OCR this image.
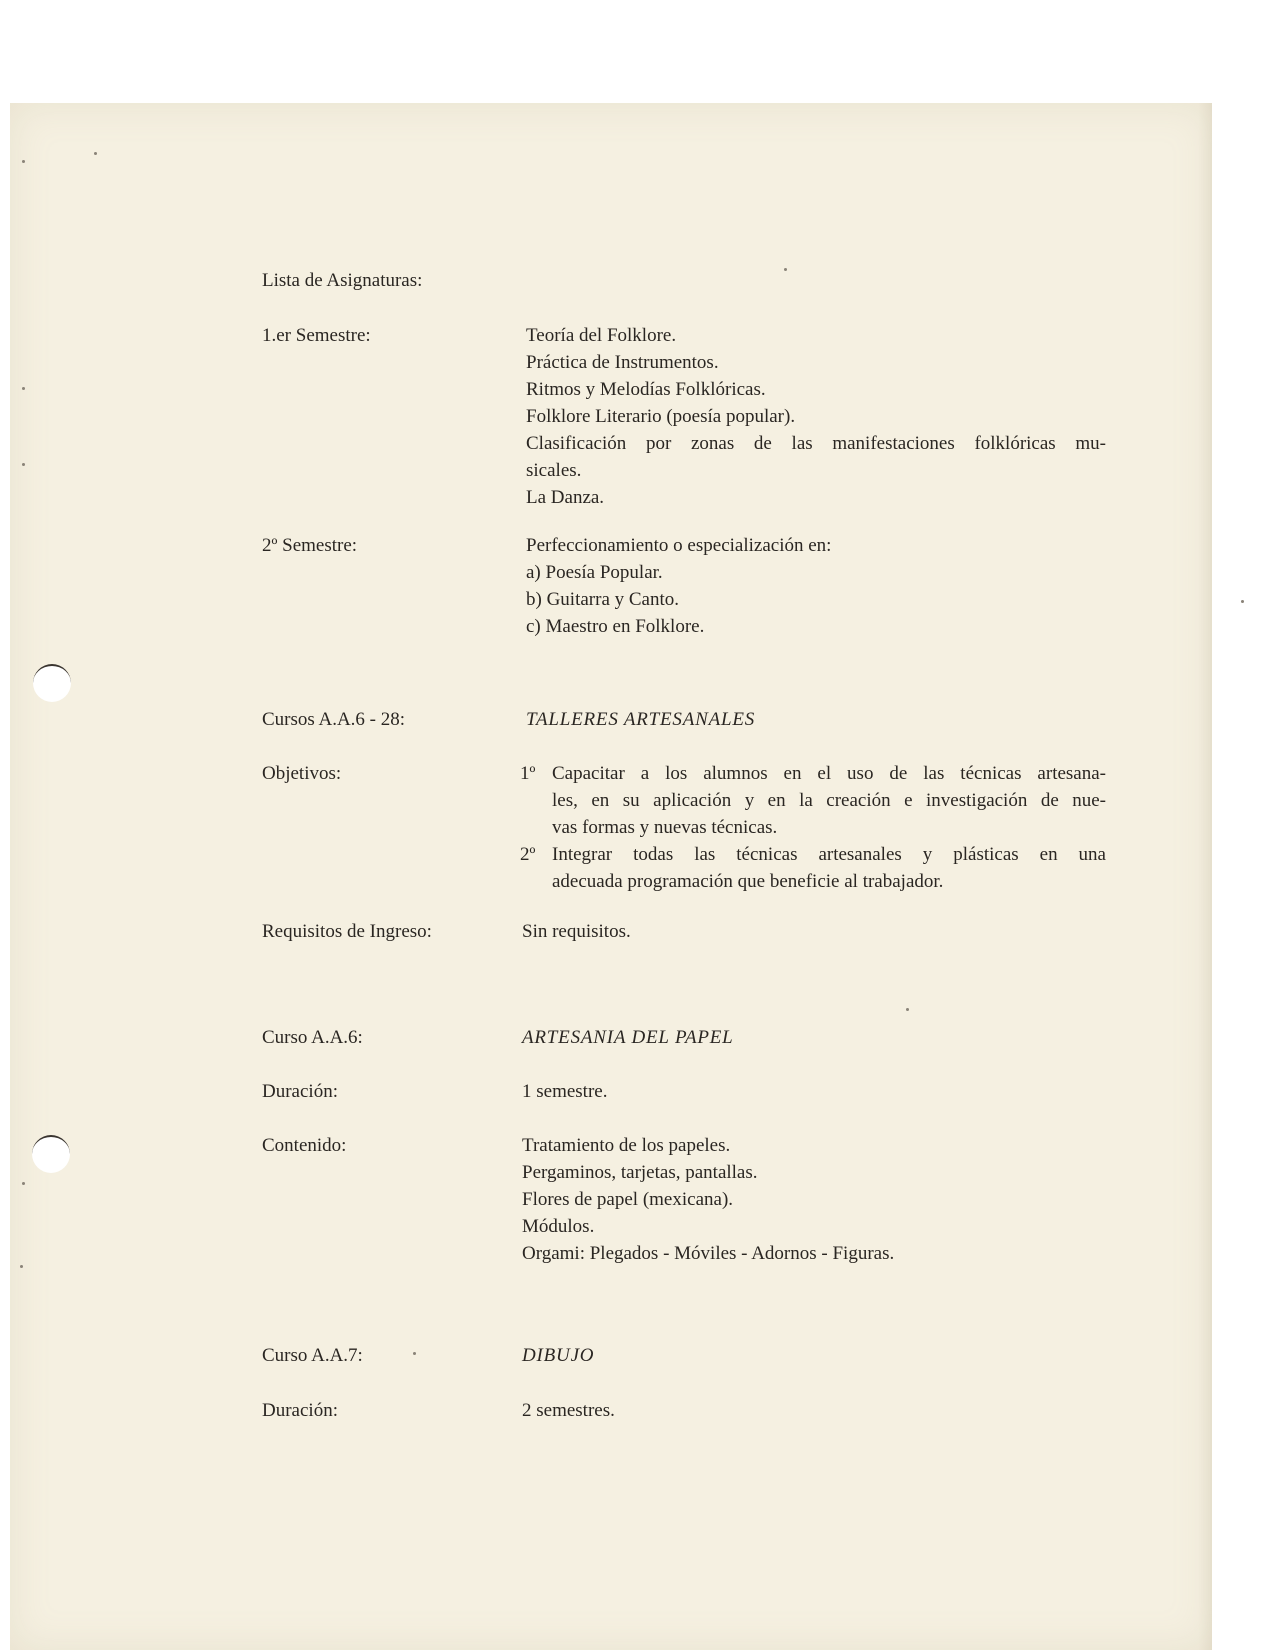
Lista de Asignaturas:
1.er Semestre:	Teoría del Folklore.
Práctica de Instrumentos.
Ritmos y Melodías Folklóricas.
Folklore Literario (poesía popular).
Clasificación por zonas de las manifestaciones folklóricas mu-
sicales.
La Danza.
2º Semestre:	Perfeccionamiento o especialización en:
a) Poesía Popular.
b) Guitarra y Canto.
c) Maestro en Folklore.
Cursos A.A.6 - 28:	TALLERES ARTESANALES
Objetivos:	1º Capacitar a los alumnos en el uso de las técnicas artesana-
les, en su aplicación y en la creación e investigación de nue-
vas formas y nuevas técnicas.
2º Integrar todas las técnicas artesanales y plásticas en una
adecuada programación que beneficie al trabajador.
Requisitos de Ingreso:	Sin requisitos.
Curso A.A.6:	ARTESANIA DEL PAPEL
Duración:	1 semestre.
Contenido:	Tratamiento de los papeles.
Pergaminos, tarjetas, pantallas.
Flores de papel (mexicana).
Módulos.
Orgami: Plegados - Móviles - Adornos - Figuras.
Curso A.A.7:	DIBUJO
Duración:	2 semestres.
